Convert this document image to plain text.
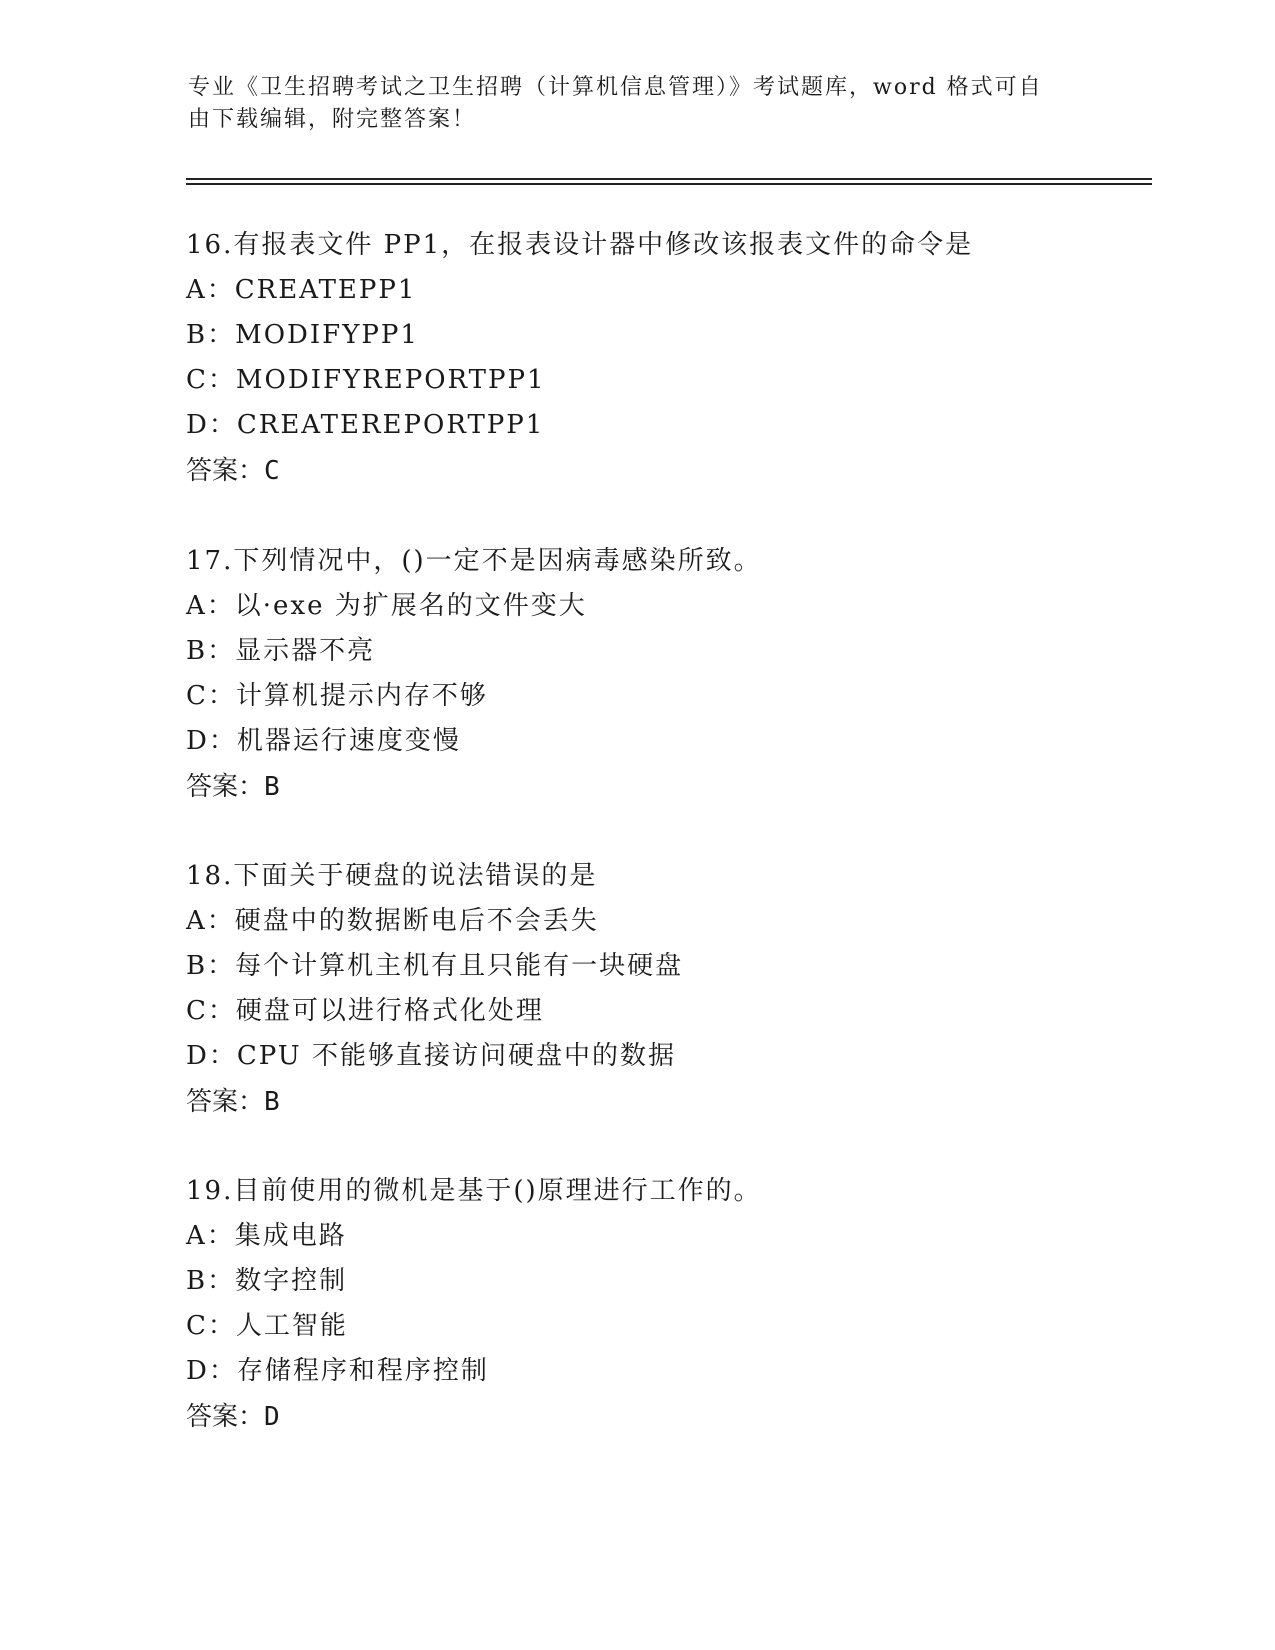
专业《卫生招聘考试之卫生招聘（计算机信息管理）》考试题库，word 格式可自
由下载编辑，附完整答案！
16.有报表文件 PP1，在报表设计器中修改该报表文件的命令是
A：CREATEPP1
B：MODIFYPP1
C：MODIFYREPORTPP1
D：CREATEREPORTPP1
答案：C
17.下列情况中，()一定不是因病毒感染所致。
A：以·exe 为扩展名的文件变大
B：显示器不亮
C：计算机提示内存不够
D：机器运行速度变慢
答案：B
18.下面关于硬盘的说法错误的是
A：硬盘中的数据断电后不会丢失
B：每个计算机主机有且只能有一块硬盘
C：硬盘可以进行格式化处理
D：CPU 不能够直接访问硬盘中的数据
答案：B
19.目前使用的微机是基于()原理进行工作的。
A：集成电路
B：数字控制
C：人工智能
D：存储程序和程序控制
答案：D
